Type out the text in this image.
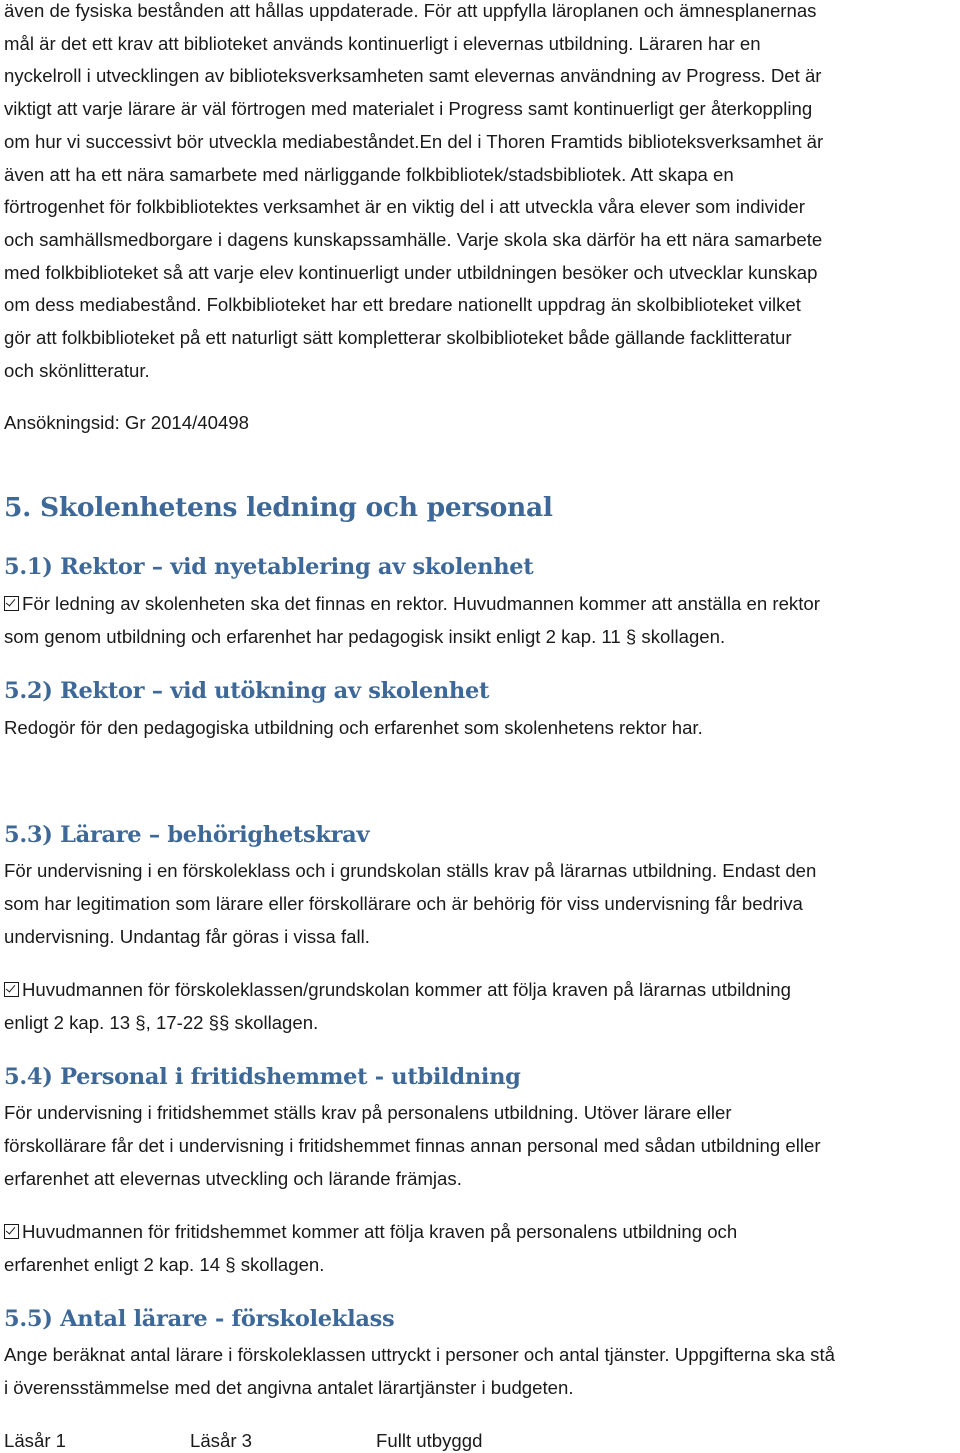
även de fysiska bestånden att hållas uppdaterade. För att uppfylla läroplanen och ämnesplanernas
mål är det ett krav att biblioteket används kontinuerligt i elevernas utbildning. Läraren har en
nyckelroll i utvecklingen av biblioteksverksamheten samt elevernas användning av Progress. Det är
viktigt att varje lärare är väl förtrogen med materialet i Progress samt kontinuerligt ger återkoppling
om hur vi successivt bör utveckla mediabeståndet.En del i Thoren Framtids biblioteksverksamhet är
även att ha ett nära samarbete med närliggande folkbibliotek/stadsbibliotek. Att skapa en
förtrogenhet för folkbibliotektes verksamhet är en viktig del i att utveckla våra elever som individer
och samhällsmedborgare i dagens kunskapssamhälle. Varje skola ska därför ha ett nära samarbete
med folkbiblioteket så att varje elev kontinuerligt under utbildningen besöker och utvecklar kunskap
om dess mediabestånd. Folkbiblioteket har ett bredare nationellt uppdrag än skolbiblioteket vilket
gör att folkbiblioteket på ett naturligt sätt kompletterar skolbiblioteket både gällande facklitteratur
och skönlitteratur.
Ansökningsid: Gr 2014/40498
5. Skolenhetens ledning och personal
5.1) Rektor – vid nyetablering av skolenhet
För ledning av skolenheten ska det finnas en rektor. Huvudmannen kommer att anställa en rektor
som genom utbildning och erfarenhet har pedagogisk insikt enligt 2 kap. 11 § skollagen.
5.2) Rektor – vid utökning av skolenhet
Redogör för den pedagogiska utbildning och erfarenhet som skolenhetens rektor har.
5.3) Lärare – behörighetskrav
För undervisning i en förskoleklass och i grundskolan ställs krav på lärarnas utbildning. Endast den
som har legitimation som lärare eller förskollärare och är behörig för viss undervisning får bedriva
undervisning. Undantag får göras i vissa fall.
Huvudmannen för förskoleklassen/grundskolan kommer att följa kraven på lärarnas utbildning
enligt 2 kap. 13 §, 17-22 §§ skollagen.
5.4) Personal i fritidshemmet - utbildning
För undervisning i fritidshemmet ställs krav på personalens utbildning. Utöver lärare eller
förskollärare får det i undervisning i fritidshemmet finnas annan personal med sådan utbildning eller
erfarenhet att elevernas utveckling och lärande främjas.
Huvudmannen för fritidshemmet kommer att följa kraven på personalens utbildning och
erfarenhet enligt 2 kap. 14 § skollagen.
5.5) Antal lärare - förskoleklass
Ange beräknat antal lärare i förskoleklassen uttryckt i personer och antal tjänster. Uppgifterna ska stå
i överensstämmelse med det angivna antalet lärartjänster i budgeten.
Läsår 1	Läsår 3	Fullt utbyggd
